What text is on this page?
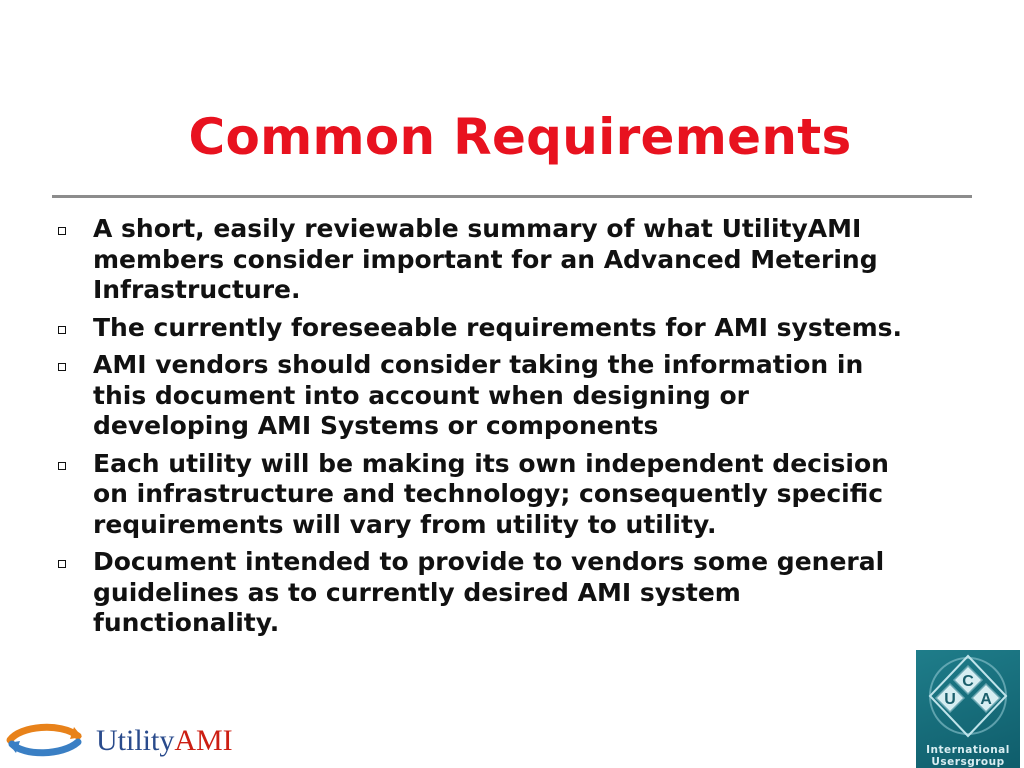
Common Requirements
A short, easily reviewable summary of what UtilityAMI members consider important for an Advanced Metering Infrastructure.
The currently foreseeable requirements for AMI systems.
AMI vendors should consider taking the information in this document into account when designing or developing AMI Systems or components
Each utility will be making its own independent decision on infrastructure and technology; consequently specific requirements will vary from utility to utility.
Document intended to provide to vendors some general guidelines as to currently desired AMI system functionality.
UtilityAMI
C
U A
International
Usersgroup
